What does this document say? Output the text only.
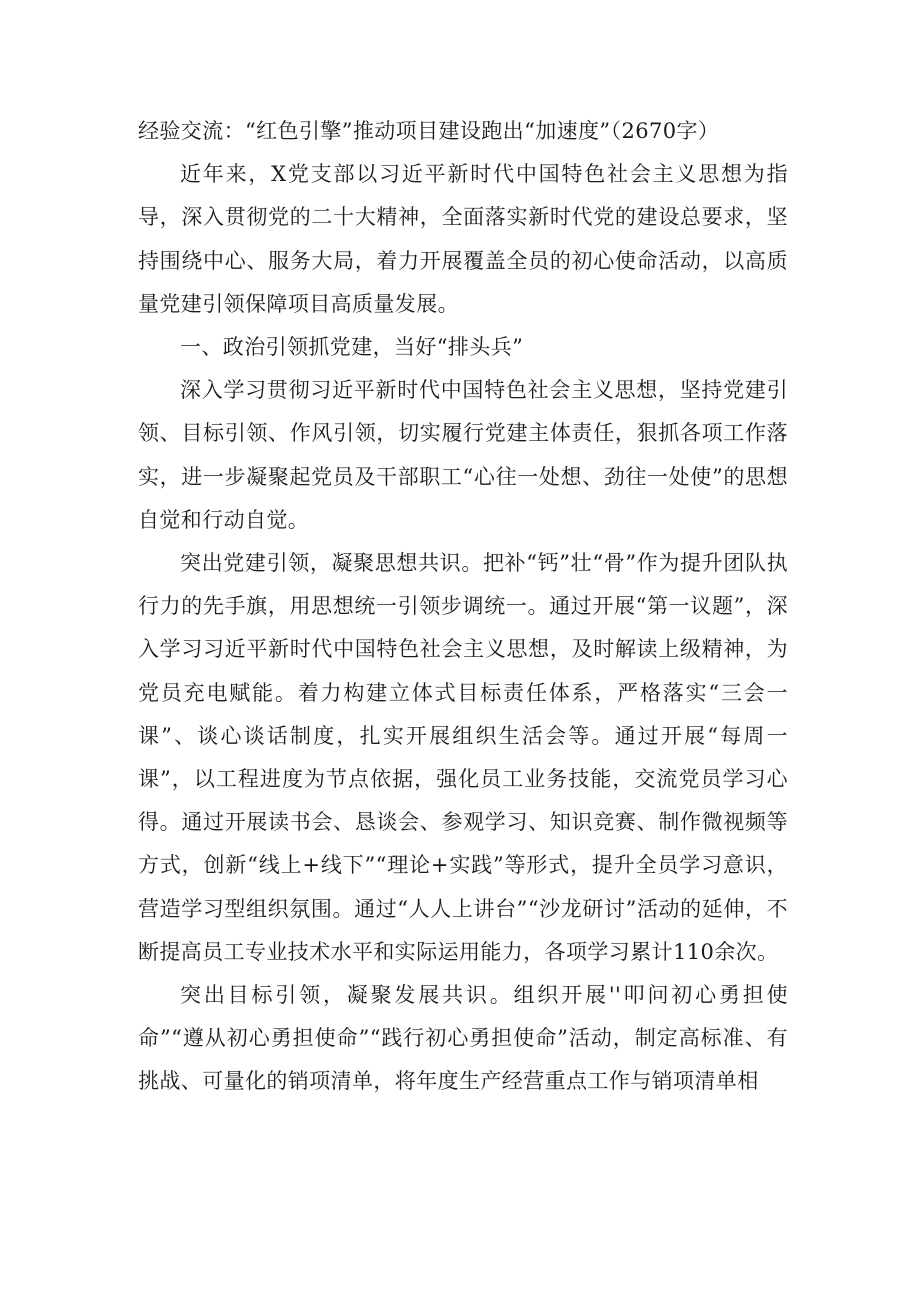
经验交流：“红色引擎”推动项目建设跑出“加速度”（2670字）

近年来，X党支部以习近平新时代中国特色社会主义思想为指导，深入贯彻党的二十大精神，全面落实新时代党的建设总要求，坚持围绕中心、服务大局，着力开展覆盖全员的初心使命活动，以高质量党建引领保障项目高质量发展。

一、政治引领抓党建，当好“排头兵”

深入学习贯彻习近平新时代中国特色社会主义思想，坚持党建引领、目标引领、作风引领，切实履行党建主体责任，狠抓各项工作落实，进一步凝聚起党员及干部职工“心往一处想、劲往一处使”的思想自觉和行动自觉。

突出党建引领，凝聚思想共识。把补“钙”壮“骨”作为提升团队执行力的先手旗，用思想统一引领步调统一。通过开展“第一议题”，深入学习习近平新时代中国特色社会主义思想，及时解读上级精神，为党员充电赋能。着力构建立体式目标责任体系，严格落实“三会一课”、谈心谈话制度，扎实开展组织生活会等。通过开展“每周一课”，以工程进度为节点依据，强化员工业务技能，交流党员学习心得。通过开展读书会、恳谈会、参观学习、知识竞赛、制作微视频等方式，创新“线上+线下”“理论+实践”等形式，提升全员学习意识，营造学习型组织氛围。通过“人人上讲台”“沙龙研讨”活动的延伸，不断提高员工专业技术水平和实际运用能力，各项学习累计110余次。

突出目标引领，凝聚发展共识。组织开展''叩问初心勇担使命”“遵从初心勇担使命”“践行初心勇担使命”活动，制定高标准、有挑战、可量化的销项清单，将年度生产经营重点工作与销项清单相
